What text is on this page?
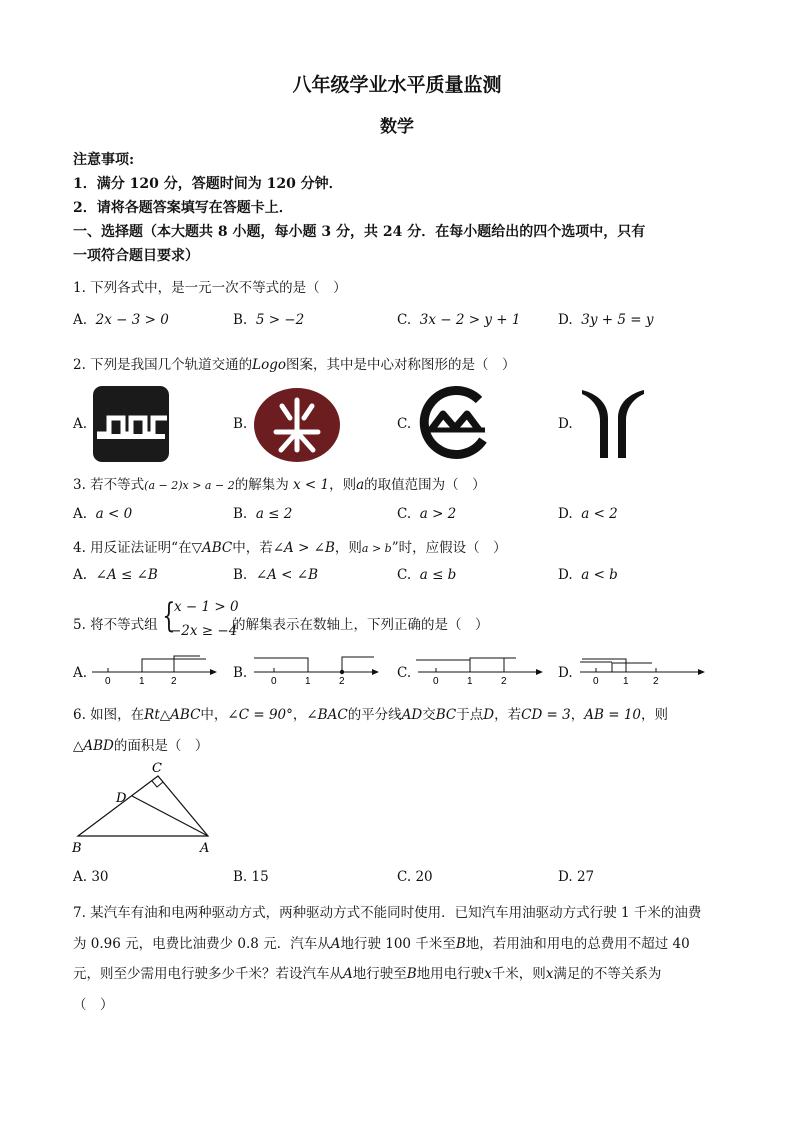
八年级学业水平质量监测
数学
注意事项:
1．满分 120 分，答题时间为 120 分钟．
2．请将各题答案填写在答题卡上．
一、选择题（本大题共 8 小题，每小题 3 分，共 24 分．在每小题给出的四个选项中，只有
一项符合题目要求）
1. 下列各式中，是一元一次不等式的是（　）
A. 2x − 3 > 0	B. 5 > −2	C. 3x − 2 > y + 1	D. 3y + 5 = y
2. 下列是我国几个轨道交通的Logo图案，其中是中心对称图形的是（　）
A.	B.	C.	D.
3. 若不等式(a − 2)x > a − 2的解集为 x < 1，则a的取值范围为（　）
A. a < 0	B. a ≤ 2	C. a > 2	D. a < 2
4. 用反证法证明“在▽ABC中，若∠A > ∠B，则a > b”时，应假设（　）
A. ∠A ≤ ∠B	B. ∠A < ∠B	C. a ≤ b	D. a < b
5. 将不等式组 {
x − 1 > 0
−2x ≥ −4
的解集表示在数轴上，下列正确的是（　）
A.	B.	C.	D.
0	1	2	0	1	2	0	1	2	0 1 2
6. 如图，在Rt△ABC中，∠C = 90°，∠BAC的平分线AD交BC于点D，若CD = 3，AB = 10，则
△ABD的面积是（　）
C
D
B	A
A. 30	B. 15	C. 20	D. 27
7. 某汽车有油和电两种驱动方式，两种驱动方式不能同时使用．已知汽车用油驱动方式行驶 1 千米的油费
为 0.96 元，电费比油费少 0.8 元．汽车从A地行驶 100 千米至B地，若用油和用电的总费用不超过 40
元，则至少需用电行驶多少千米？若设汽车从A地行驶至B地用电行驶x千米，则x满足的不等关系为
（　）
